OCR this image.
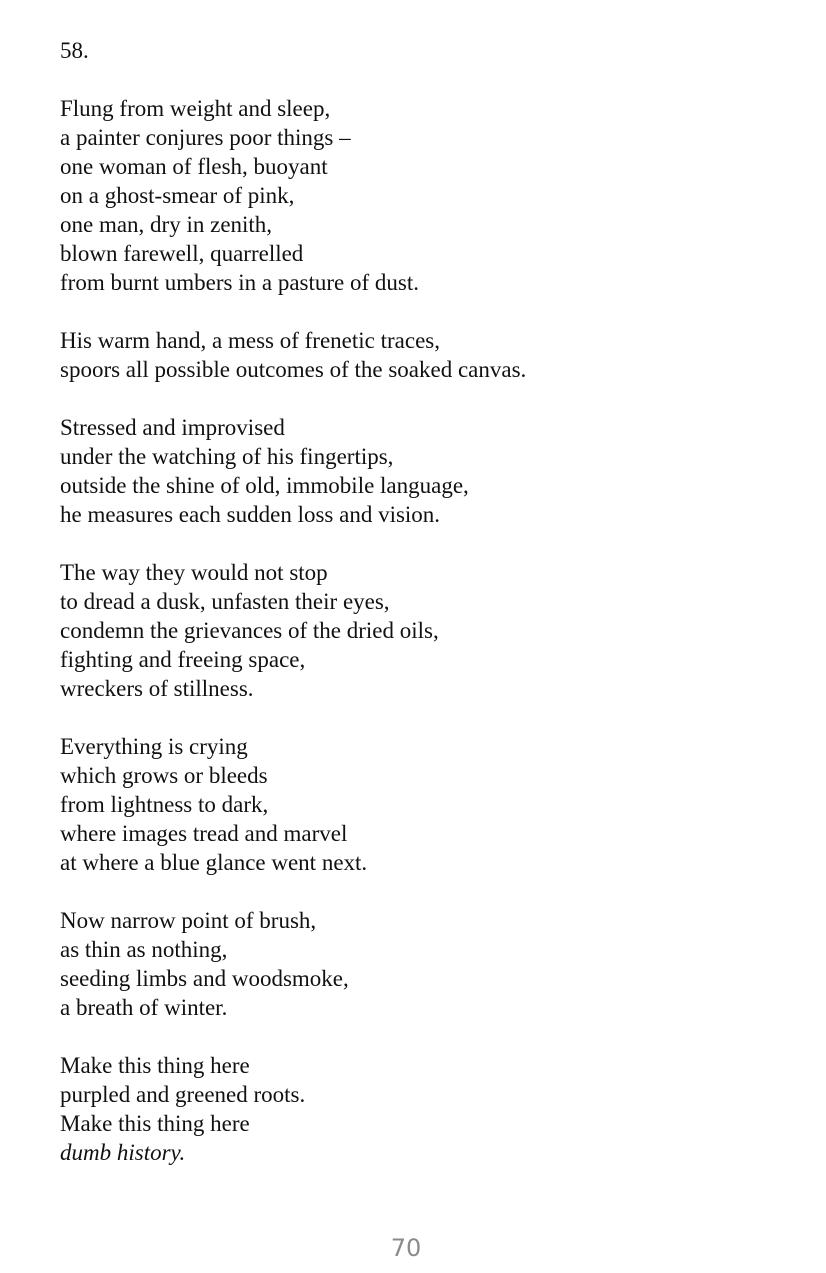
58.
Flung from weight and sleep,
a painter conjures poor things –
one woman of flesh, buoyant
on a ghost-smear of pink,
one man, dry in zenith,
blown farewell, quarrelled
from burnt umbers in a pasture of dust.
His warm hand, a mess of frenetic traces,
spoors all possible outcomes of the soaked canvas.
Stressed and improvised
under the watching of his fingertips,
outside the shine of old, immobile language,
he measures each sudden loss and vision.
The way they would not stop
to dread a dusk, unfasten their eyes,
condemn the grievances of the dried oils,
fighting and freeing space,
wreckers of stillness.
Everything is crying
which grows or bleeds
from lightness to dark,
where images tread and marvel
at where a blue glance went next.
Now narrow point of brush,
as thin as nothing,
seeding limbs and woodsmoke,
a breath of winter.
Make this thing here
purpled and greened roots.
Make this thing here
dumb history.
70
